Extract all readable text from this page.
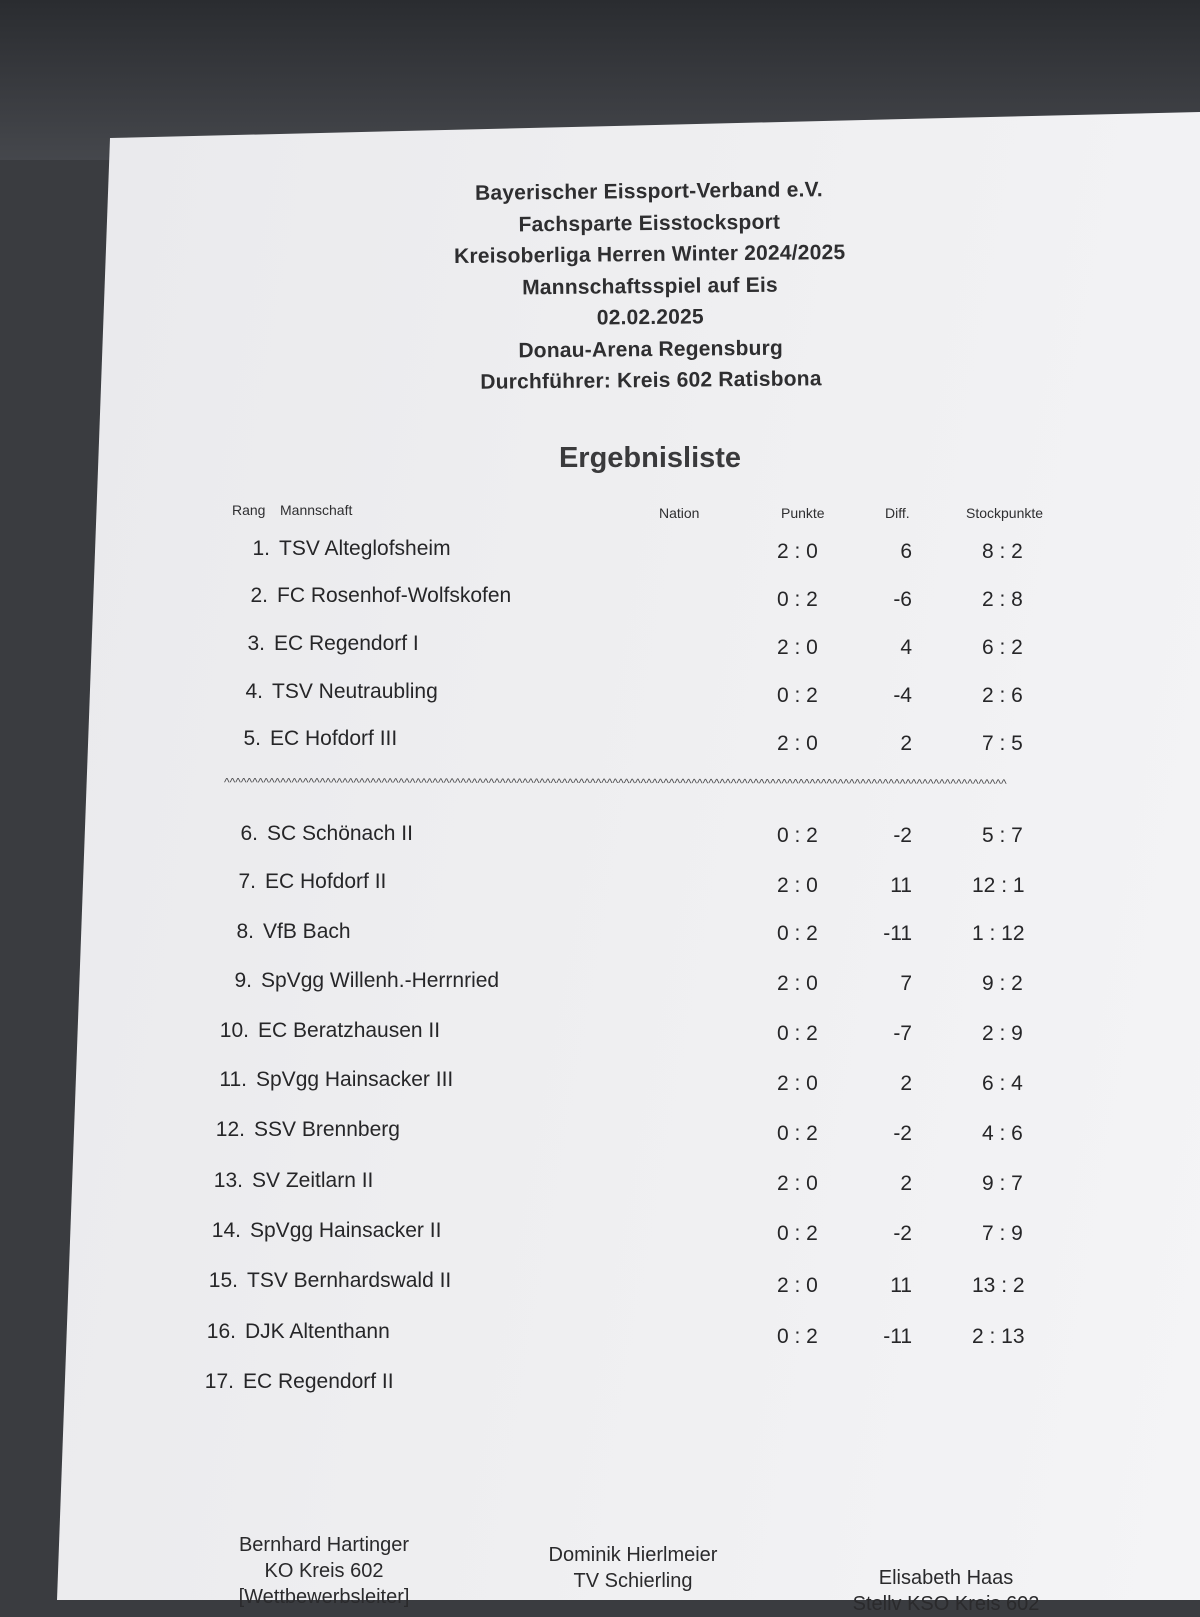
Bayerischer Eissport-Verband e.V.
Fachsparte Eisstocksport
Kreisoberliga Herren Winter 2024/2025
Mannschaftsspiel auf Eis
02.02.2025
Donau-Arena Regensburg
Durchführer: Kreis 602 Ratisbona
Ergebnisliste
Rang Mannschaft	Nation	Punkte	Diff.	Stockpunkte
1. TSV Alteglofsheim	2 : 0	6	8 : 2
2. FC Rosenhof-Wolfskofen	0 : 2	-6	2 : 8
3. EC Regendorf I	2 : 0	4	6 : 2
4. TSV Neutraubling	0 : 2	-4	2 : 6
5. EC Hofdorf III	2 : 0	2	7 : 5
6. SC Schönach II	0 : 2	-2	5 : 7
7. EC Hofdorf II	2 : 0	11	12 : 1
8. VfB Bach	0 : 2	-11	1 : 12
9. SpVgg Willenh.-Herrnried	2 : 0	7	9 : 2
10. EC Beratzhausen II	0 : 2	-7	2 : 9
11. SpVgg Hainsacker III	2 : 0	2	6 : 4
12. SSV Brennberg	0 : 2	-2	4 : 6
13. SV Zeitlarn II	2 : 0	2	9 : 7
14. SpVgg Hainsacker II	0 : 2	-2	7 : 9
15. TSV Bernhardswald II	2 : 0	11	13 : 2
16. DJK Altenthann	0 : 2	-11	2 : 13
17. EC Regendorf II
^^^^^^^^^^^^^^^^^^^^^^^^^^^^^^^^^^^^^^^^^^^^^^^^^^^^^^^^^^^^^^^^^^^^^^^^^^^^^^^^^^^^^^^^^^^^^^^^^^^^^^^^^^^^^^^^^^^^^^^^^^^^^^^^^^^^^^^^^^^
Bernhard Hartinger
KO Kreis 602
[Wettbewerbsleiter]
Dominik Hierlmeier
TV Schierling	Elisabeth Haas
Stellv KSO Kreis 602
